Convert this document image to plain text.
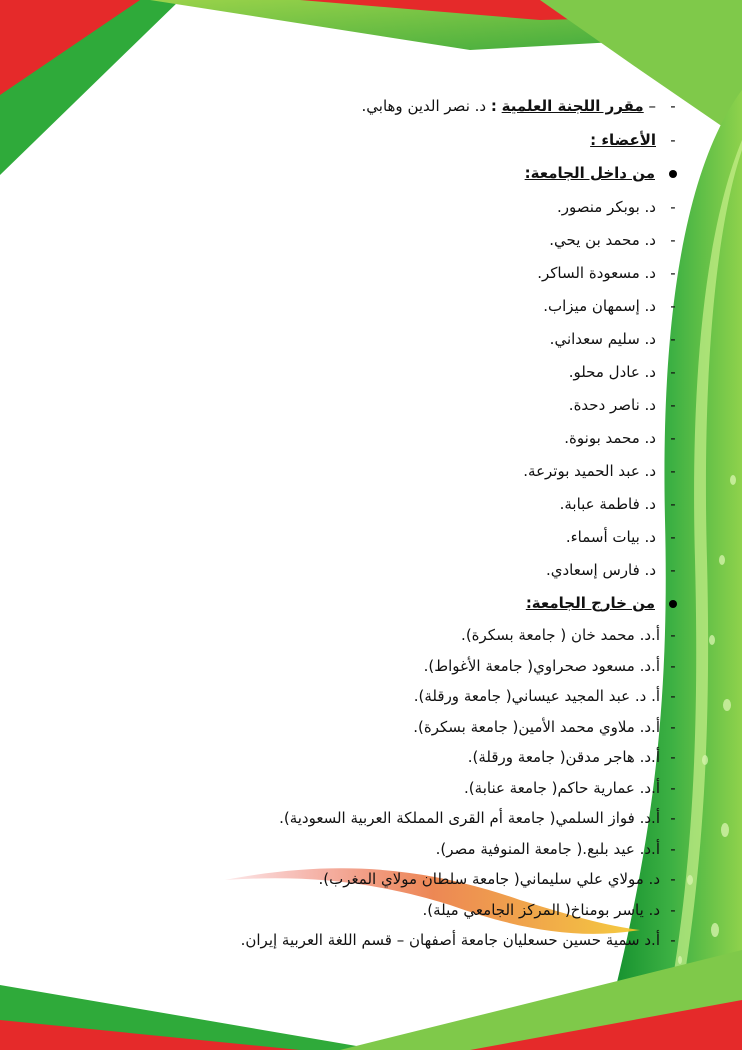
-– مقرر اللجنة العلمية : د. نصر الدين وهابي.
-الأعضاء :
من داخل الجامعة:
-د. بوبكر منصور.
-د. محمد بن يحي.
-د. مسعودة الساكر.
-د. إسمهان ميزاب.
-د. سليم سعداني.
-د. عادل محلو.
-د. ناصر دحدة.
-د. محمد بونوة.
-د. عبد الحميد بوترعة.
-د. فاطمة عبابة.
-د. بيات أسماء.
-د. فارس إسعادي.
من خارج الجامعة:
-أ.د. محمد خان ( جامعة بسكرة).
-أ.د. مسعود صحراوي( جامعة الأغواط).
-أ. د. عبد المجيد عيساني( جامعة ورقلة).
-أ.د. ملاوي محمد الأمين( جامعة بسكرة).
-أ.د. هاجر مدقن( جامعة ورقلة).
-أ.د. عمارية حاكم( جامعة عنابة).
-أ.د. فواز السلمي( جامعة أم القرى المملكة العربية السعودية).
-أ.د. عيد بلبع.( جامعة المنوفية مصر).
-د. مولاي علي سليماني( جامعة سلطان مولاي المغرب).
-د. ياسر بومناخ( المركز الجامعي ميلة).
-أ.د سمية حسين حسعليان جامعة أصفهان – قسم اللغة العربية إيران.
